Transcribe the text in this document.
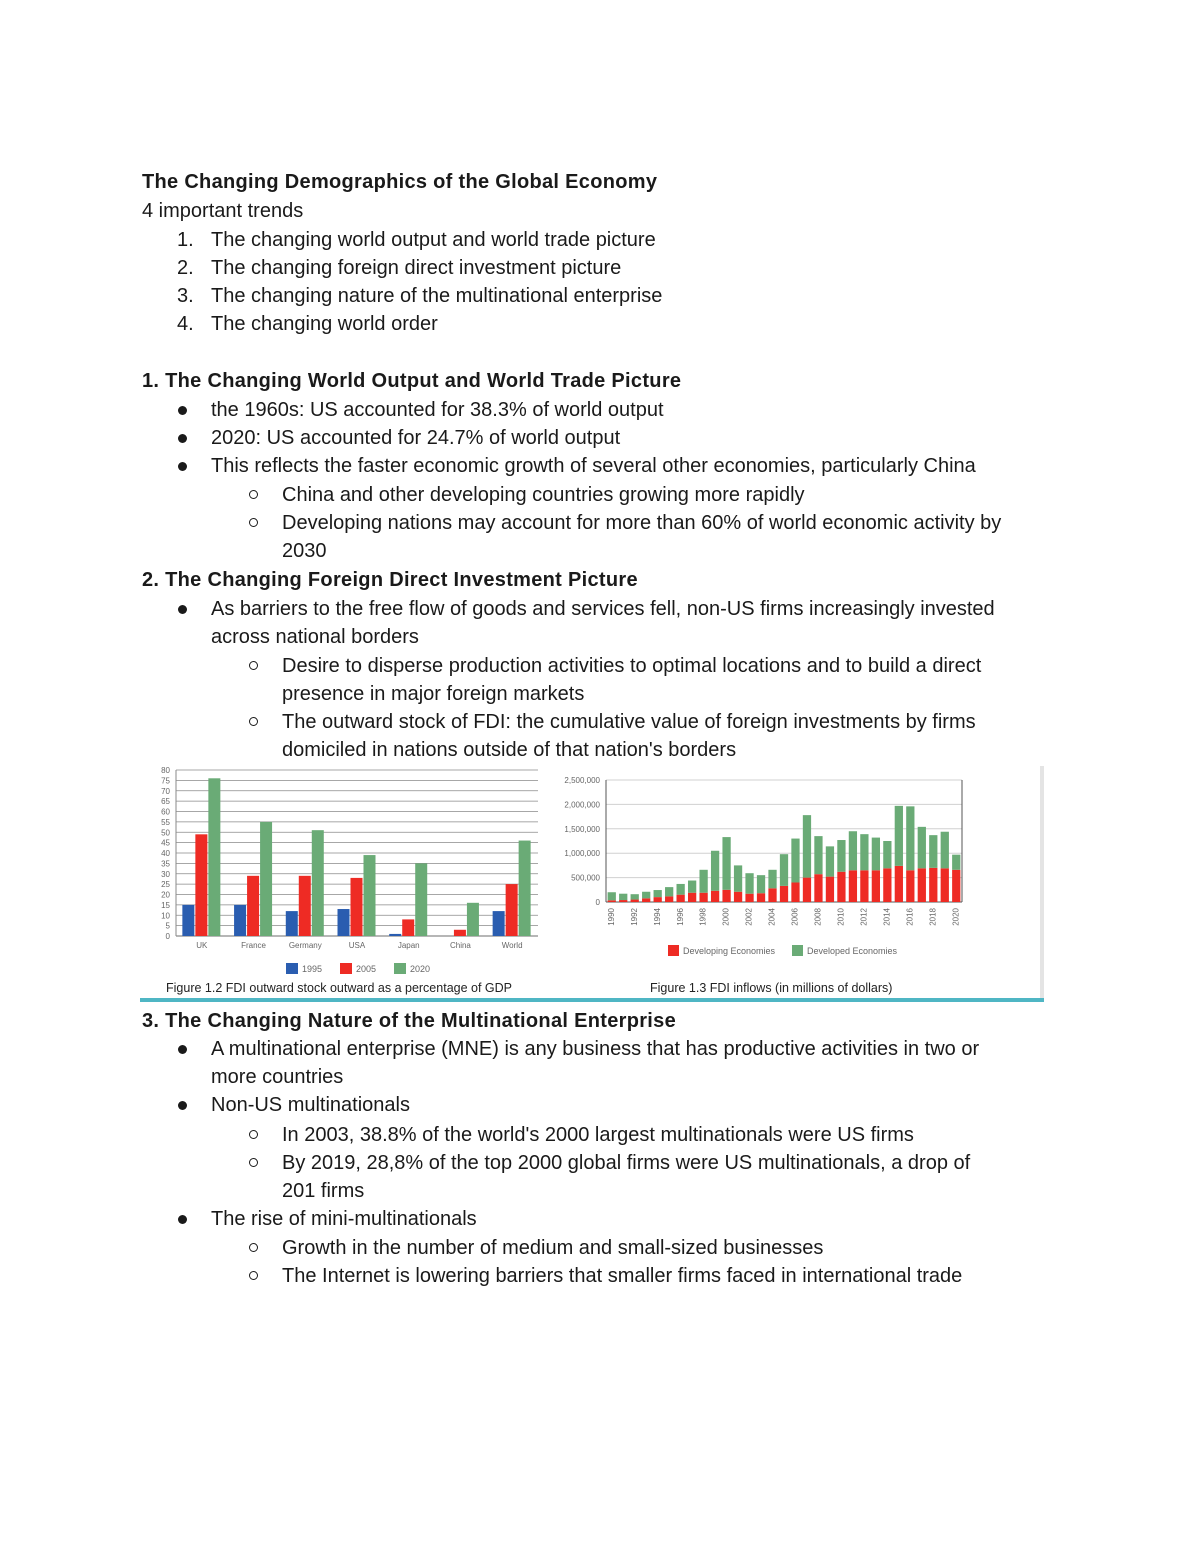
The Changing Demographics of the Global Economy
4 important trends
1. The changing world output and world trade picture
2. The changing foreign direct investment picture
3. The changing nature of the multinational enterprise
4. The changing world order
1. The Changing World Output and World Trade Picture
the 1960s: US accounted for 38.3% of world output
2020: US accounted for 24.7% of world output
This reflects the faster economic growth of several other economies, particularly China
China and other developing countries growing more rapidly
Developing nations may account for more than 60% of world economic activity by
2030
2. The Changing Foreign Direct Investment Picture
As barriers to the free flow of goods and services fell, non-US firms increasingly invested
across national borders
Desire to disperse production activities to optimal locations and to build a direct
presence in major foreign markets
The outward stock of FDI: the cumulative value of foreign investments by firms
domiciled in nations outside of that nation's borders
0
5
10
15
20
25
30
35
40
45
50
55
60
65
70
75
80
UK	France	Germany	USA	Japan	China	World
1995	2005	2020
0
500,000
1,000,000
1,500,000
2,000,000
2,500,000
1990 1992 1994 1996 1998 2000 2002 2004 2006 2008 2010 2012 2014 2016 2018 2020
Developing Economies	Developed Economies
Figure 1.2 FDI outward stock outward as a percentage of GDP	Figure 1.3 FDI inflows (in millions of dollars)
3. The Changing Nature of the Multinational Enterprise
A multinational enterprise (MNE) is any business that has productive activities in two or
more countries
Non-US multinationals
In 2003, 38.8% of the world's 2000 largest multinationals were US firms
By 2019, 28,8% of the top 2000 global firms were US multinationals, a drop of
201 firms
The rise of mini-multinationals
Growth in the number of medium and small-sized businesses
The Internet is lowering barriers that smaller firms faced in international trade
